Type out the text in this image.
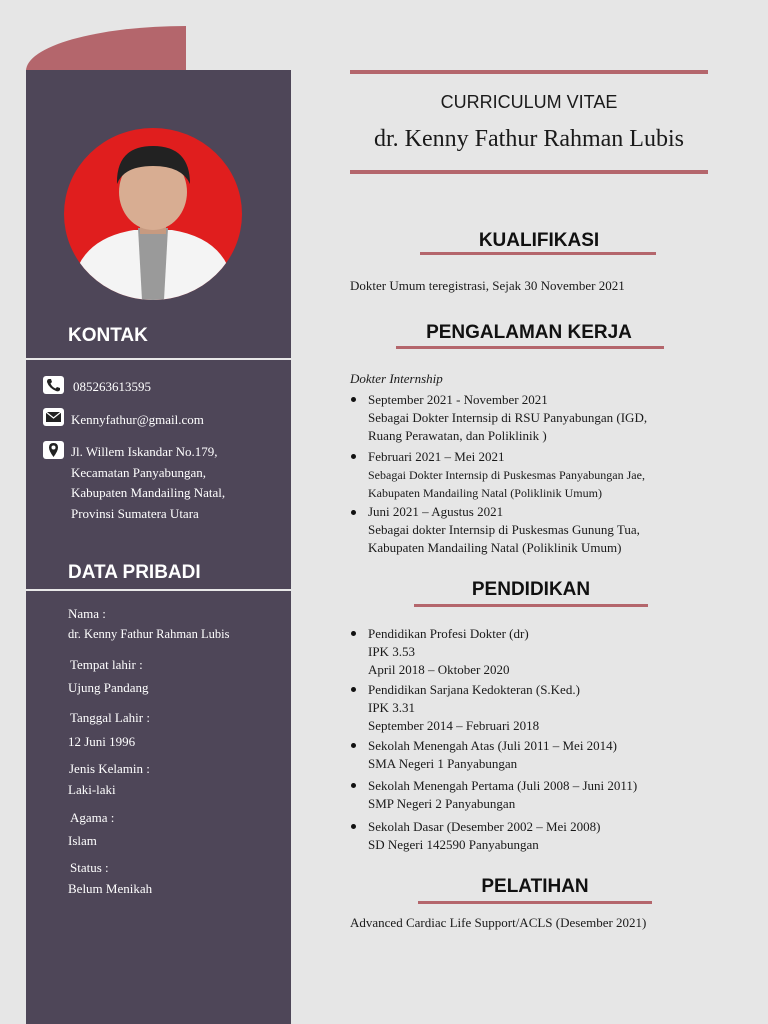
KONTAK
085263613595
Kennyfathur@gmail.com
Jl. Willem Iskandar No.179,
Kecamatan Panyabungan,
Kabupaten Mandailing Natal,
Provinsi Sumatera Utara
DATA PRIBADI
Nama :
dr. Kenny Fathur Rahman Lubis
Tempat lahir :
Ujung Pandang
Tanggal Lahir :
12 Juni 1996
Jenis Kelamin :
Laki-laki
Agama :
Islam
Status :
Belum Menikah
CURRICULUM VITAE
dr. Kenny Fathur Rahman Lubis
KUALIFIKASI
Dokter Umum teregistrasi, Sejak 30 November 2021
PENGALAMAN KERJA
Dokter Internship
September 2021 - November 2021
Sebagai Dokter Internsip di RSU Panyabungan (IGD,
Ruang Perawatan, dan Poliklinik )
Februari 2021 – Mei 2021
Sebagai Dokter Internsip di Puskesmas Panyabungan Jae,
Kabupaten Mandailing Natal (Poliklinik Umum)
Juni 2021 – Agustus 2021
Sebagai dokter Internsip di Puskesmas Gunung Tua,
Kabupaten Mandailing Natal (Poliklinik Umum)
PENDIDIKAN
Pendidikan Profesi Dokter (dr)
IPK 3.53
April 2018 – Oktober 2020
Pendidikan Sarjana Kedokteran (S.Ked.)
IPK 3.31
September 2014 – Februari 2018
Sekolah Menengah Atas (Juli 2011 – Mei 2014)
SMA Negeri 1 Panyabungan
Sekolah Menengah Pertama (Juli 2008 – Juni 2011)
SMP Negeri 2 Panyabungan
Sekolah Dasar (Desember 2002 – Mei 2008)
SD Negeri 142590 Panyabungan
PELATIHAN
Advanced Cardiac Life Support/ACLS (Desember 2021)
